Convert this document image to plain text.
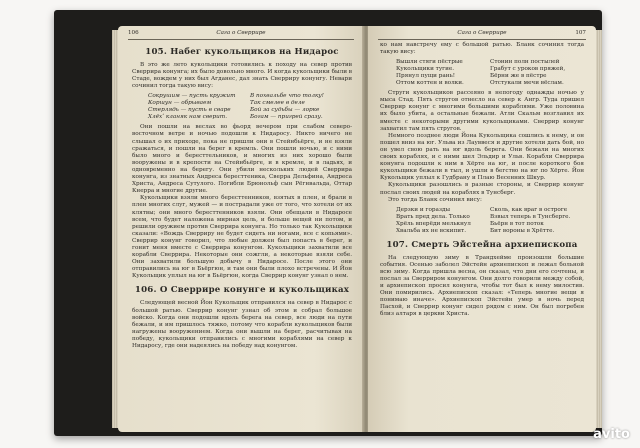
106	Сага о Сверрире
105. Набег кукольщиков на Нидарос

В это же лето кукольщики готовились к походу на север против Сверрира конунга; их было довольно много. И когда кукольщики были в Стаде, вождем у них был Агданес, дал знать Сверриру конунгу. Невари сочинил тогда такую вису:

Сокрушим — пусть кружит
Коршун — обрываем
Стерлядь — пусть в сваре
Хлёх‘ кланяк нам сверит.
В похвальбе что толку!
Так смелее в деле
Бой за судьбы — лорке
Богам — пригрей сразу.

Они пошли на веслах во фьорд вечером при слабом северо-восточном ветре и ночью подошли к Нидаросу. Никто ничего не слышал о их приходе, пока не пришли они в Стейнбьёрге, и не взяли сражаться, и пошли на берег в кремль. Они пошли ночью, и с ними было много и бересттельников, и многих из них хорошо были вооружены и в крепости на Стейнбьёрге, и в кремле, и в ладьях, и одновременно на берегу. Они убили нескольких людей Сверрира конунга, из знатных Андреса бересттеника, Сверра Дельфина, Андреса Христа, Андреса Сутулого. Погибли Брюнольф сын Рёгнвальда, Оттар Кнерра и многие другие.

Кукольщики взяли много бересттенников, взятых в плен, и брали в плен многих слуг, мужей — и пострадали уже от того, что хотели от их клятвы; они много бересттенников взяли. Они обещали в Нидаросе всем, что будет наложена мирная цель, и больше вещей ни потом, и решили оружием против Сверрира конунга. Но только так Кукольщики сказали: «Вождь Сверриру не будет сидеть ни ногами, все с копьями». Сверрир конунг говорил, что любые должен был попасть в берег, и гонит меня вместе с Сверрира конунгом. Кукольщики захватили все корабли Сверрира. Некоторые они сожгли, а некоторые взяли себе. Они захватили большую добычу в Нидаросе. После этого они отправились на юг в Бьёргюн, и там они были плохо встречены. И Йон Кукольщик уплыл на юг в Бьёргюн, когда Сверрир конунг узнал о нем.

106. О Сверрире конунге и кукольщиках

Следующей весной Йон Кукольщик отправился на север в Нидарос с большой ратью. Сверрир конунг узнал об этом и собрал большое войско. Когда они подошли вдоль берега на север, все люди на пути бежали, и им пришлось тяжко, потому что корабли кукольщиков были нагружены вооружением. Когда они вышли на берег, расчитывая на победу, кукольщики отправились с многими кораблями на север к Нидаросу, где они надеялись на победу над конунгом.

Сага о Сверрире	107

ко нам навстречу ему с большой ратью. Бланк сочинил тогда такую вису:

Вышли стяги пёстрые
Кукольщики тугие.
Прянул пущи рань!
Оттом коттен и волки.
Стонин полн постылей
Грабут с уроков пряжей,
Бёрни же в пёстре
Отстукали мечи вёслам.

Струги кукольщиков рассеяно в непогоду однажды ночью у мыса Стад. Пять стругов отнесло на север к Ангр. Туда пришел Сверрир конунг с многими большими кораблями. Уже половина их было убита, а остальные бежали. Атли Скальм возглавил их вместе с некоторыми другими кукольщиками. Сверрир конунг захватил там пять стругов.

Немного позднее люди Йона Кукольщика сошлись к нему, и он пошел вниз на юг. Ульва из Лауввеся и другие хотели дать бой, но он увел свою рать на юг вдоль берега. Они бежали на многих своих кораблях, и с ними шел Эльдир и Ульв. Корабли Сверрира конунга подошли к ним в Хёрте на юг, и после короткого боя кукольщики бежали в тыл, и ушли в бегство на юг по Хёрте. Йон Кукольщик уплыл к Гудбрану и Плаю Весенних Шкур.

Кукольщики разошлись в разные стороны, и Сверрир конунг послал своих людей на кораблях в Тунсберг.

Это тогда Бланк сочинил вису:

Дерзки и горазды
Врать пред дела. Только
Хрёль вперёди мелькнул
Хвальба их не вскипит.
Сколь, как враг в остроге
Взвыл теперь в Тунсберге.
Бьёрн в тот поток
Бит вороны в Хрётте.
107. Смерть Эйстейна архиепископа

На следующую зиму в Трандхейме произошли большие события. Осенью заболел Эйстейн архиепископ и лежал больной всю зиму. Когда пришла весна, он сказал, что дни его сочтены, и послал за Сверриром конунгом. Они долго говорили между собой, и архиепископ просил конунга, чтобы тот был к нему милостив. Они помирились. Архиепископ сказал: «Теперь многие вещи я понимаю иначе». Архиепископ Эйстейн умер в ночь перед Пасхой, и Сверрир конунг сидел рядом с ним. Он был погребен близ алтаря в церкви Христа.

avito
